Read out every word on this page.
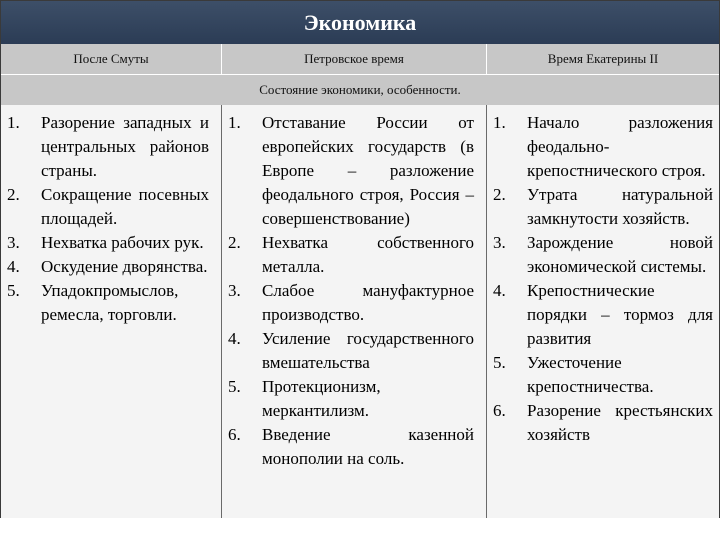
Экономика
После Смуты	Петровское время	Время Екатерины II
Состояние экономики, особенности.
1. Разорение западных и центральных районов страны.
2. Сокращение посевных площадей.
3. Нехватка рабочих рук.
4. Оскудение дворянства.
5. Упадокпромыслов, ремесла, торговли.
1. Отставание России от европейских государств (в Европе – разложение феодального строя, Россия – совершенствование)
2. Нехватка собственного металла.
3. Слабое мануфактурное производство.
4. Усиление государственного вмешательства
5. Протекционизм, меркантилизм.
6. Введение казенной монополии на соль.
1. Начало разложения феодально-крепостнического строя.
2. Утрата натуральной замкнутости хозяйств.
3. Зарождение новой экономической системы.
4. Крепостнические порядки – тормоз для развития
5. Ужесточение крепостничества.
6. Разорение крестьянских хозяйств
